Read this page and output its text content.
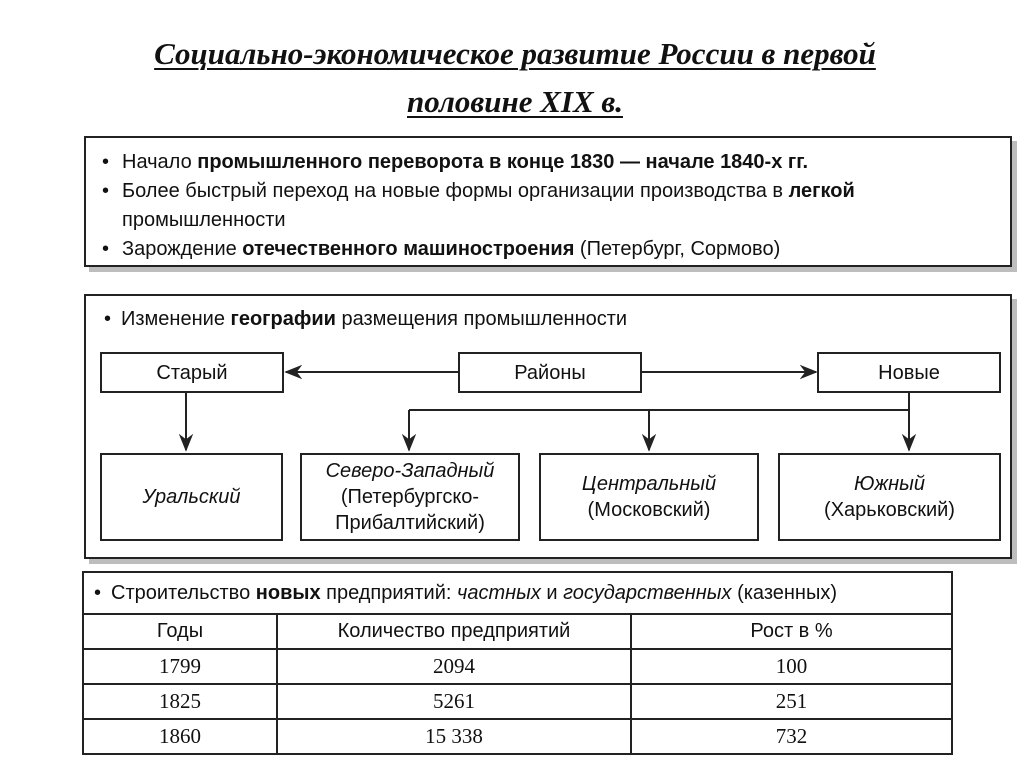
Социально-экономическое развитие России в первой
половине XIX в.
• Начало промышленного переворота в конце 1830 — начале 1840-х гг.
• Более быстрый переход на новые формы организации производства в легкой промышленности
• Зарождение отечественного машиностроения (Петербург, Сормово)
• Изменение географии размещения промышленности
Старый	Районы	Новые
Уральский
Северо-Западный
(Петербургско-
Прибалтийский)
Центральный
(Московский)
Южный
(Харьковский)
• Строительство новых предприятий: частных и государственных (казенных)
Годы	Количество предприятий	Рост в %
1799	2094	100
1825	5261	251
1860	15 338	732
